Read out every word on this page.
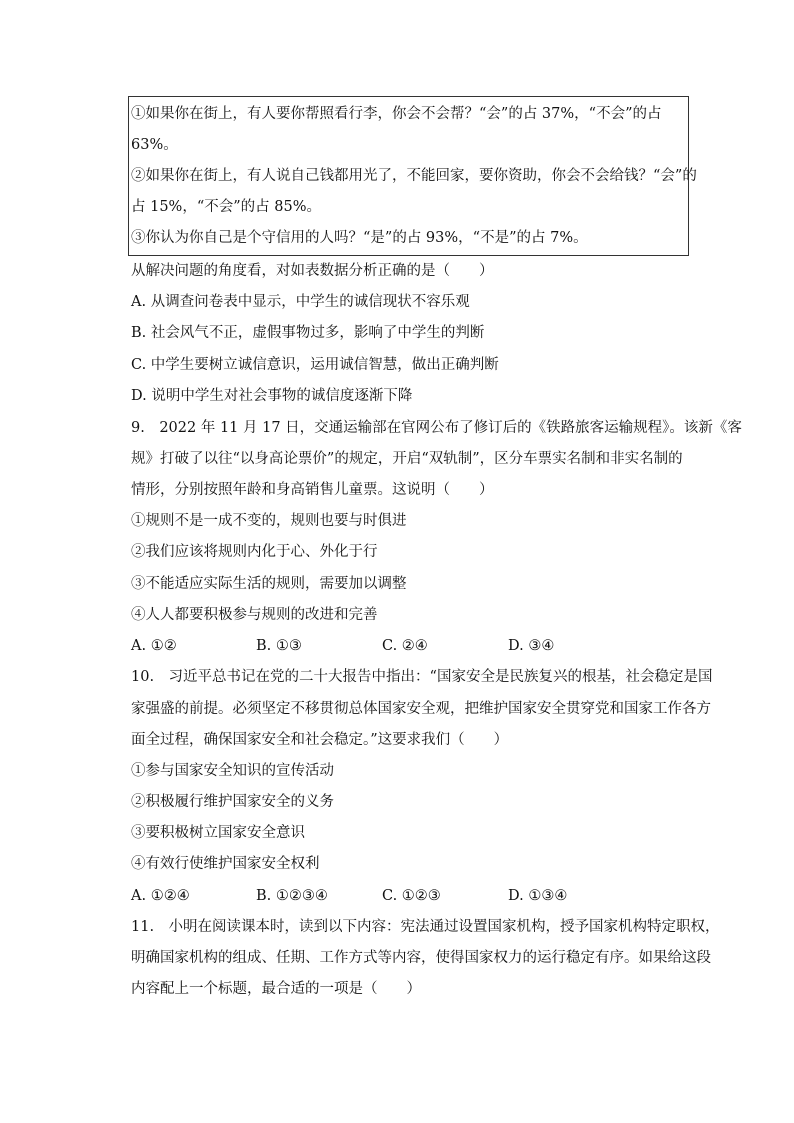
①如果你在街上，有人要你帮照看行李，你会不会帮？“会”的占 37%，“不会”的占
63%。
②如果你在街上，有人说自己钱都用光了，不能回家，要你资助，你会不会给钱？“会”的
占 15%，“不会”的占 85%。
③你认为你自己是个守信用的人吗？“是”的占 93%，“不是”的占 7%。
从解决问题的角度看，对如表数据分析正确的是（　　）
A. 从调查问卷表中显示，中学生的诚信现状不容乐观
B. 社会风气不正，虚假事物过多，影响了中学生的判断
C. 中学生要树立诚信意识，运用诚信智慧，做出正确判断
D. 说明中学生对社会事物的诚信度逐渐下降
9.　2022 年 11 月 17 日，交通运输部在官网公布了修订后的《铁路旅客运输规程》。该新《客
规》打破了以往“以身高论票价”的规定，开启“双轨制”，区分车票实名制和非实名制的
情形，分别按照年龄和身高销售儿童票。这说明（　　）
①规则不是一成不变的，规则也要与时俱进
②我们应该将规则内化于心、外化于行
③不能适应实际生活的规则，需要加以调整
④人人都要积极参与规则的改进和完善
A. ①②	B. ①③	C. ②④	D. ③④
10.　习近平总书记在党的二十大报告中指出：“国家安全是民族复兴的根基，社会稳定是国
家强盛的前提。必须坚定不移贯彻总体国家安全观，把维护国家安全贯穿党和国家工作各方
面全过程，确保国家安全和社会稳定。”这要求我们（　　）
①参与国家安全知识的宣传活动
②积极履行维护国家安全的义务
③要积极树立国家安全意识
④有效行使维护国家安全权利
A. ①②④	B. ①②③④	C. ①②③	D. ①③④
11.　小明在阅读课本时，读到以下内容：宪法通过设置国家机构，授予国家机构特定职权，
明确国家机构的组成、任期、工作方式等内容，使得国家权力的运行稳定有序。如果给这段
内容配上一个标题，最合适的一项是（　　）
